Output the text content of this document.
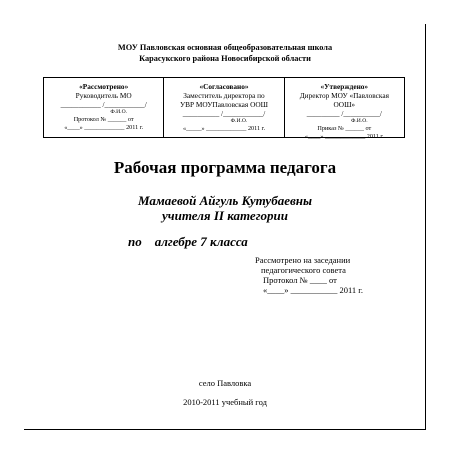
МОУ Павловская основная общеобразовательная школа
Карасукского района Новосибирской области
«Рассмотрено»
Руководитель МО
___________ /___________/
Ф.И.О.
Протокол № ______ от
«____» _____________ 2011 г.
«Согласовано»
Заместитель директора по
УВР МОУПавловская ООШ
__________ /___________/
Ф.И.О.
«_____» _____________ 2011 г.
«Утверждено»
Директор МОУ «Павловская
ООШ»
_________ /__________/
Ф.И.О.
Приказ № ______ от
«____» _____________ 2011 г.
Рабочая программа педагога
Мамаевой Айгуль Кутубаевны
учителя II категории
по    алгебре 7 класса
Рассмотрено на заседании
педагогического совета
Протокол № ____ от
«____» ___________ 2011 г.
село Павловка
2010-2011 учебный год
